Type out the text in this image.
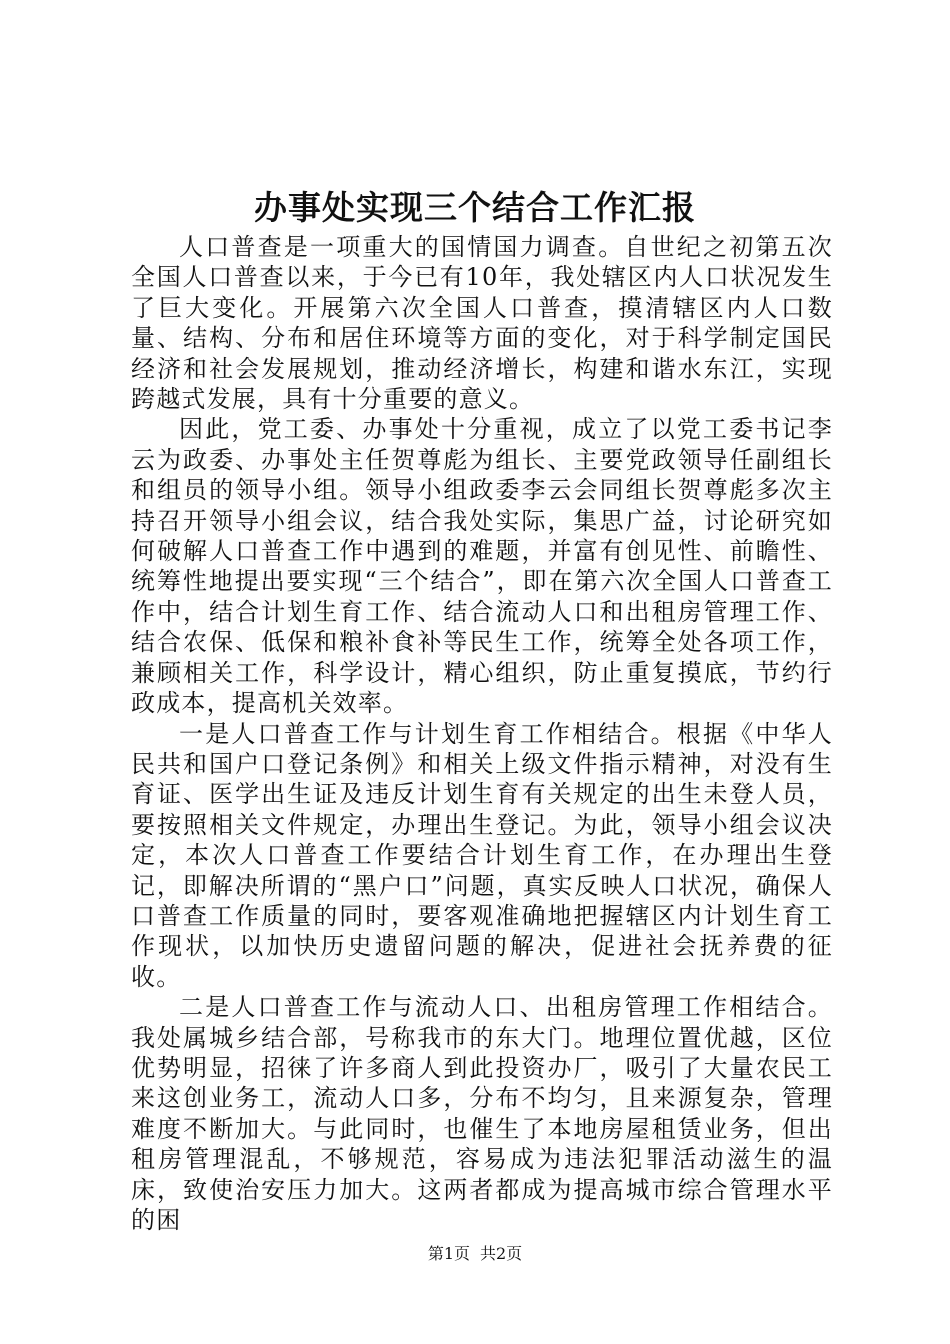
办事处实现三个结合工作汇报

人口普查是一项重大的国情国力调查。自世纪之初第五次全国人口普查以来，于今已有10年，我处辖区内人口状况发生了巨大变化。开展第六次全国人口普查，摸清辖区内人口数量、结构、分布和居住环境等方面的变化，对于科学制定国民经济和社会发展规划，推动经济增长，构建和谐水东江，实现跨越式发展，具有十分重要的意义。

因此，党工委、办事处十分重视，成立了以党工委书记李云为政委、办事处主任贺尊彪为组长、主要党政领导任副组长和组员的领导小组。领导小组政委李云会同组长贺尊彪多次主持召开领导小组会议，结合我处实际，集思广益，讨论研究如何破解人口普查工作中遇到的难题，并富有创见性、前瞻性、统筹性地提出要实现“三个结合”，即在第六次全国人口普查工作中，结合计划生育工作、结合流动人口和出租房管理工作、结合农保、低保和粮补食补等民生工作，统筹全处各项工作，兼顾相关工作，科学设计，精心组织，防止重复摸底，节约行政成本，提高机关效率。

一是人口普查工作与计划生育工作相结合。根据《中华人民共和国户口登记条例》和相关上级文件指示精神，对没有生育证、医学出生证及违反计划生育有关规定的出生未登人员，要按照相关文件规定，办理出生登记。为此，领导小组会议决定，本次人口普查工作要结合计划生育工作，在办理出生登记，即解决所谓的“黑户口”问题，真实反映人口状况，确保人口普查工作质量的同时，要客观准确地把握辖区内计划生育工作现状，以加快历史遗留问题的解决，促进社会抚养费的征收。

二是人口普查工作与流动人口、出租房管理工作相结合。我处属城乡结合部，号称我市的东大门。地理位置优越，区位优势明显，招徕了许多商人到此投资办厂，吸引了大量农民工来这创业务工，流动人口多，分布不均匀，且来源复杂，管理难度不断加大。与此同时，也催生了本地房屋租赁业务，但出租房管理混乱，不够规范，容易成为违法犯罪活动滋生的温床，致使治安压力加大。这两者都成为提高城市综合管理水平的困

第1页 共2页
